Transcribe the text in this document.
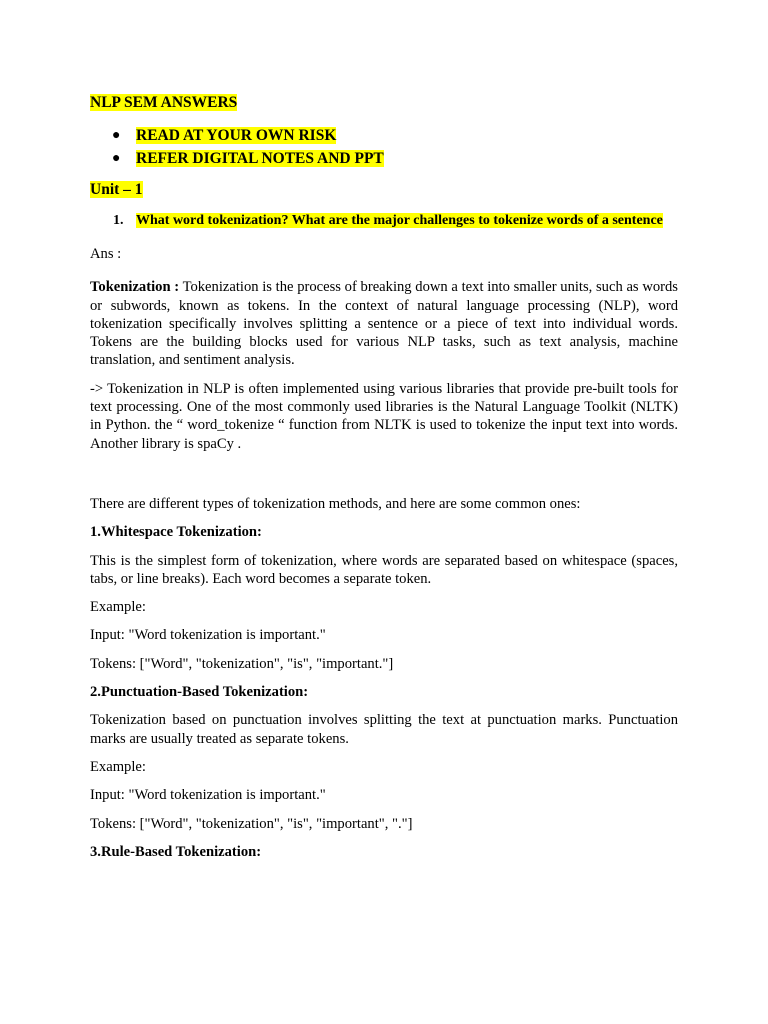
NLP SEM ANSWERS
● READ AT YOUR OWN RISK
● REFER DIGITAL NOTES AND PPT
Unit – 1
1. What word tokenization? What are the major challenges to tokenize words of a sentence

Ans :

Tokenization : Tokenization is the process of breaking down a text into smaller units, such as words or subwords, known as tokens. In the context of natural language processing (NLP), word tokenization specifically involves splitting a sentence or a piece of text into individual words. Tokens are the building blocks used for various NLP tasks, such as text analysis, machine translation, and sentiment analysis.

-> Tokenization in NLP is often implemented using various libraries that provide pre-built tools for text processing. One of the most commonly used libraries is the Natural Language Toolkit (NLTK) in Python. the “ word_tokenize “ function from NLTK is used to tokenize the input text into words. Another library is spaCy .

There are different types of tokenization methods, and here are some common ones:

1.Whitespace Tokenization:

This is the simplest form of tokenization, where words are separated based on whitespace (spaces, tabs, or line breaks). Each word becomes a separate token.

Example:

Input: "Word tokenization is important."

Tokens: ["Word", "tokenization", "is", "important."]

2.Punctuation-Based Tokenization:

Tokenization based on punctuation involves splitting the text at punctuation marks. Punctuation marks are usually treated as separate tokens.

Example:

Input: "Word tokenization is important."

Tokens: ["Word", "tokenization", "is", "important", "."]

3.Rule-Based Tokenization:
